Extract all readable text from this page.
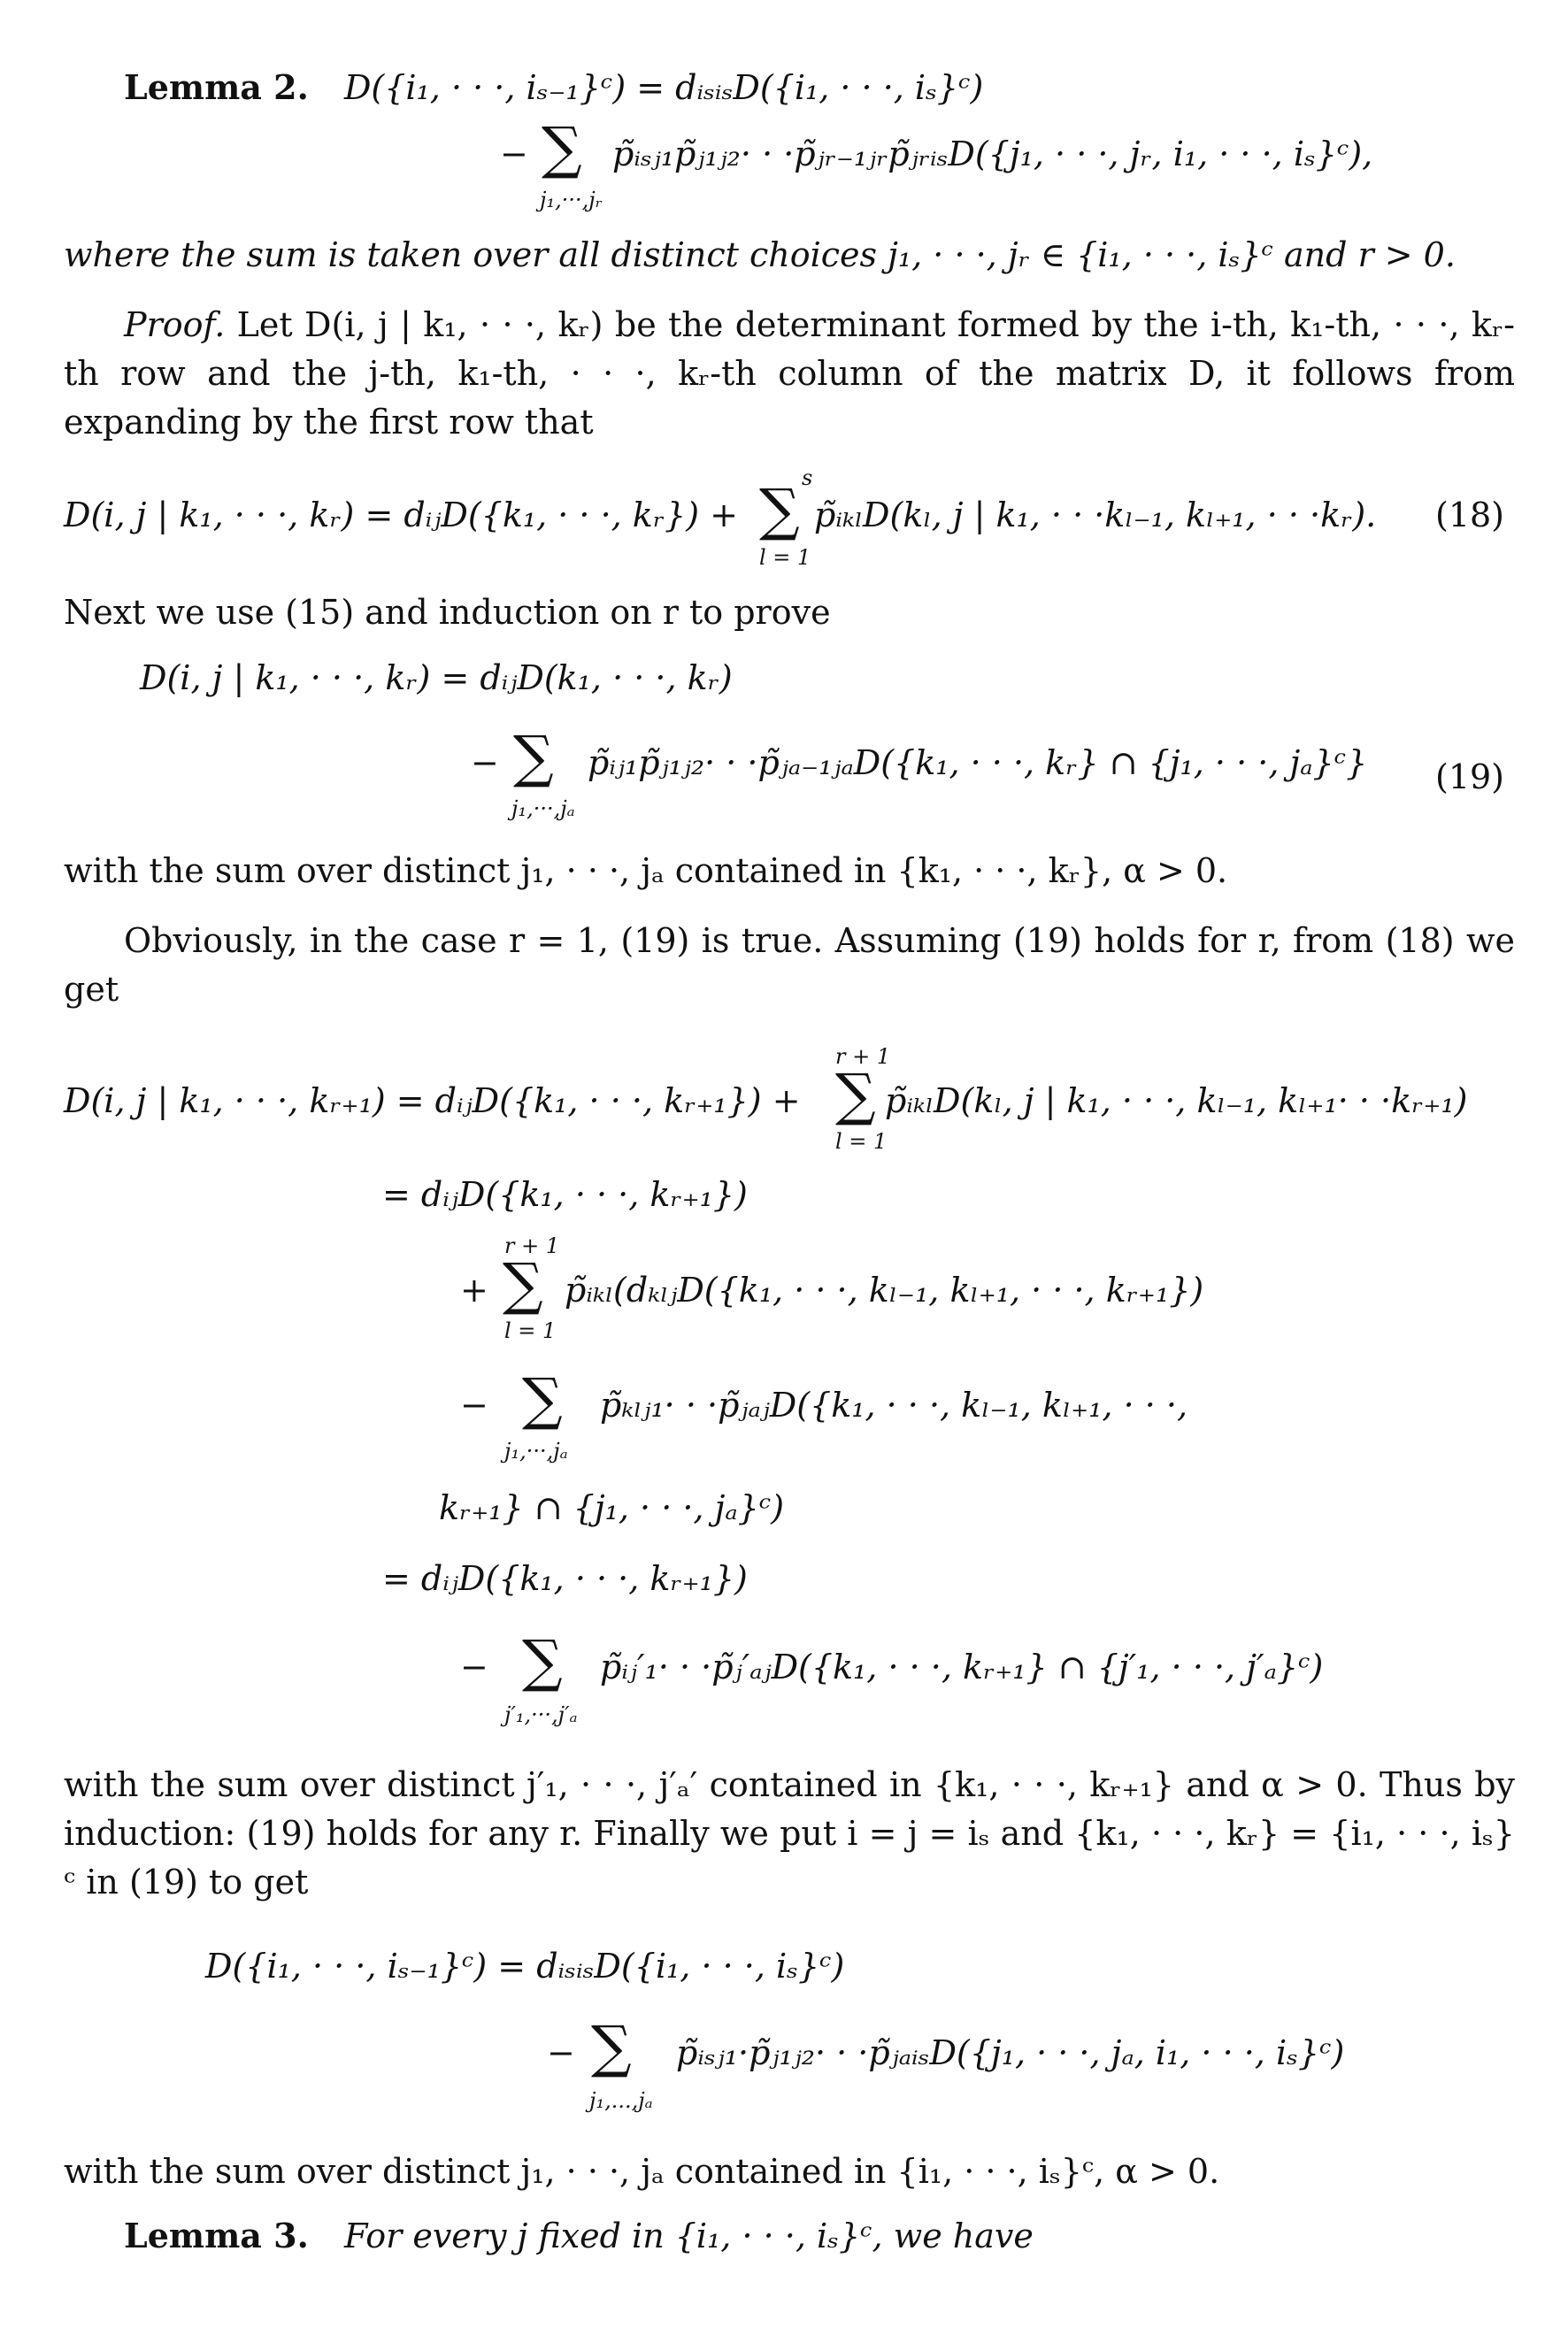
Lemma 2. D({i₁, · · ·, iₛ₋₁}ᶜ) = dᵢₛᵢₛD({i₁, · · ·, iₛ}ᶜ)
− ∑ p̃ᵢₛⱼ₁p̃ⱼ₁ⱼ₂· · ·p̃ⱼᵣ₋₁ⱼᵣp̃ⱼᵣᵢₛD({j₁, · · ·, jᵣ, i₁, · · ·, iₛ}ᶜ),
j₁,···,jᵣ
where the sum is taken over all distinct choices j₁, · · ·, jᵣ ∈ {i₁, · · ·, iₛ}ᶜ and r > 0.
Proof. Let D(i, j | k₁, · · ·, kᵣ) be the determinant formed by the i-th, k₁-th, · · ·, kᵣ-th row and the j-th, k₁-th, · · ·, kᵣ-th column of the matrix D, it follows from expanding by the first row that
D(i, j | k₁, · · ·, kᵣ) = dᵢⱼD({k₁, · · ·, kᵣ}) +
s
∑
l = 1
p̃ᵢₖₗD(kₗ, j | k₁, · · ·kₗ₋₁, kₗ₊₁, · · ·kᵣ). (18)
Next we use (15) and induction on r to prove
D(i, j | k₁, · · ·, kᵣ) = dᵢⱼD(k₁, · · ·, kᵣ)
− ∑ p̃ᵢⱼ₁p̃ⱼ₁ⱼ₂· · ·p̃ⱼₐ₋₁ⱼₐD({k₁, · · ·, kᵣ} ∩ {j₁, · · ·, jₐ}ᶜ}
j₁,···,jₐ
(19)
with the sum over distinct j₁, · · ·, jₐ contained in {k₁, · · ·, kᵣ}, α > 0.
Obviously, in the case r = 1, (19) is true. Assuming (19) holds for r, from (18) we get
D(i, j | k₁, · · ·, kᵣ₊₁) = dᵢⱼD({k₁, · · ·, kᵣ₊₁}) +
r + 1
∑
l = 1
p̃ᵢₖₗD(kₗ, j | k₁, · · ·, kₗ₋₁, kₗ₊₁· · ·kᵣ₊₁)
= dᵢⱼD({k₁, · · ·, kᵣ₊₁})
r + 1
+ ∑
l = 1
p̃ᵢₖₗ(dₖₗⱼD({k₁, · · ·, kₗ₋₁, kₗ₊₁, · · ·, kᵣ₊₁})
− ∑ p̃ₖₗⱼ₁· · ·p̃ⱼₐⱼD({k₁, · · ·, kₗ₋₁, kₗ₊₁, · · ·,
j₁,···,jₐ
kᵣ₊₁} ∩ {j₁, · · ·, jₐ}ᶜ)
= dᵢⱼD({k₁, · · ·, kᵣ₊₁})
− ∑ p̃ᵢⱼ′₁· · ·p̃ⱼ′ₐⱼD({k₁, · · ·, kᵣ₊₁} ∩ {j′₁, · · ·, j′ₐ}ᶜ)
j′₁,···,j′ₐ
with the sum over distinct j′₁, · · ·, j′ₐ′ contained in {k₁, · · ·, kᵣ₊₁} and α > 0. Thus by induction: (19) holds for any r. Finally we put i = j = iₛ and {k₁, · · ·, kᵣ} = {i₁, · · ·, iₛ}ᶜ in (19) to get
D({i₁, · · ·, iₛ₋₁}ᶜ) = dᵢₛᵢₛD({i₁, · · ·, iₛ}ᶜ)
− ∑ p̃ᵢₛⱼ₁·p̃ⱼ₁ⱼ₂· · ·p̃ⱼₐᵢₛD({j₁, · · ·, jₐ, i₁, · · ·, iₛ}ᶜ)
j₁,...,jₐ
with the sum over distinct j₁, · · ·, jₐ contained in {i₁, · · ·, iₛ}ᶜ, α > 0.
Lemma 3. For every j fixed in {i₁, · · ·, iₛ}ᶜ, we have
